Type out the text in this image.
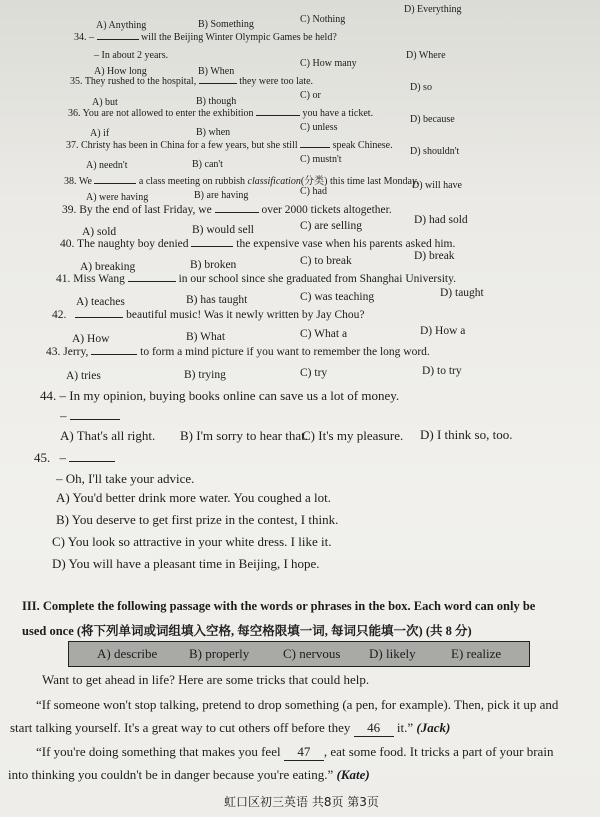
A) Anything	B) Something	C) Nothing
D) Everything
34. –	will the Beijing Winter Olympic Games be held?
– In about 2 years.
A) How long	B) When
C) How many
D) Where
35. They rushed to the hospital,	they were too late.
A) but	B) though
C) or
D) so
36. You are not allowed to enter the exhibition	you have a ticket.
A) if	B) when	C) unless
D) because
37. Christy has been in China for a few years, but she still	speak Chinese.
A) needn't	B) can't	C) mustn't
D) shouldn't
38. We	a class meeting on rubbish classification(分类) this time last Monday.
A) were having	B) are having	C) had
D) will have
39. By the end of last Friday, we	over 2000 tickets altogether.
A) sold	B) would sell	C) are selling	D) had sold
40. The naughty boy denied	the expensive vase when his parents asked him.
A) breaking	B) broken	C) to break	D) break
41. Miss Wang	in our school since she graduated from Shanghai University.
A) teaches	B) has taught	C) was teaching	D) taught
42.	beautiful music! Was it newly written by Jay Chou?
A) How	B) What	C) What a	D) How a
43. Jerry,	to form a mind picture if you want to remember the long word.
A) tries	B) trying	C) try	D) to try
44. – In my opinion, buying books online can save us a lot of money.
–
A) That's all right. B) I'm sorry to hear that.
C) It's my pleasure. D) I think so, too.
45. –
– Oh, I'll take your advice.
A) You'd better drink more water. You coughed a lot.
B) You deserve to get first prize in the contest, I think.
C) You look so attractive in your white dress. I like it.
D) You will have a pleasant time in Beijing, I hope.
III. Complete the following passage with the words or phrases in the box. Each word can only be
used once (将下列单词或词组填入空格, 每空格限填一词, 每词只能填一次) (共 8 分)
A) describe B) properly	C) nervous D) likely	E) realize
Want to get ahead in life? Here are some tricks that could help.
“If someone won't stop talking, pretend to drop something (a pen, for example). Then, pick it up and
start talking yourself. It's a great way to cut others off before they 46 it.” (Jack)
“If you're doing something that makes you feel 47 , eat some food. It tricks a part of your brain
into thinking you couldn't be in danger because you're eating.” (Kate)
虹口区初三英语 共8页 第3页
